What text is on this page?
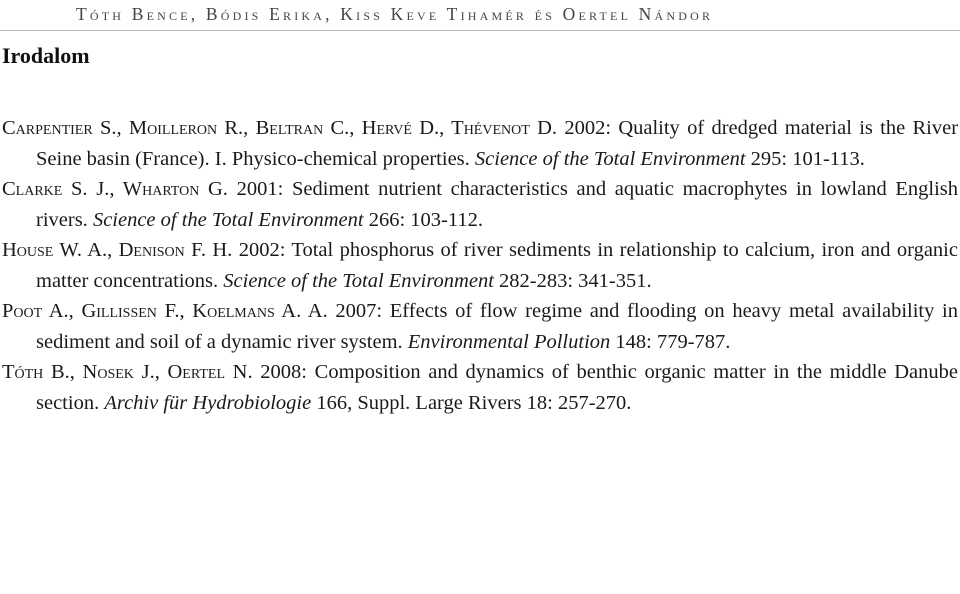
Tóth Bence, Bódis Erika, Kiss Keve Tihamér és Oertel Nándor
Irodalom

Carpentier S., Moilleron R., Beltran C., Hervé D., Thévenot D. 2002: Quality of dredged material is the River Seine basin (France). I. Physico-chemical properties. Science of the Total Environment 295: 101-113.

Clarke S. J., Wharton G. 2001: Sediment nutrient characteristics and aquatic macrophytes in lowland English rivers. Science of the Total Environment 266: 103-112.

House W. A., Denison F. H. 2002: Total phosphorus of river sediments in relationship to calcium, iron and organic matter concentrations. Science of the Total Environment 282-283: 341-351.

Poot A., Gillissen F., Koelmans A. A. 2007: Effects of flow regime and flooding on heavy metal availability in sediment and soil of a dynamic river system. Environmental Pollution 148: 779-787.

Tóth B., Nosek J., Oertel N. 2008: Composition and dynamics of benthic organic matter in the middle Danube section. Archiv für Hydrobiologie 166, Suppl. Large Rivers 18: 257-270.
